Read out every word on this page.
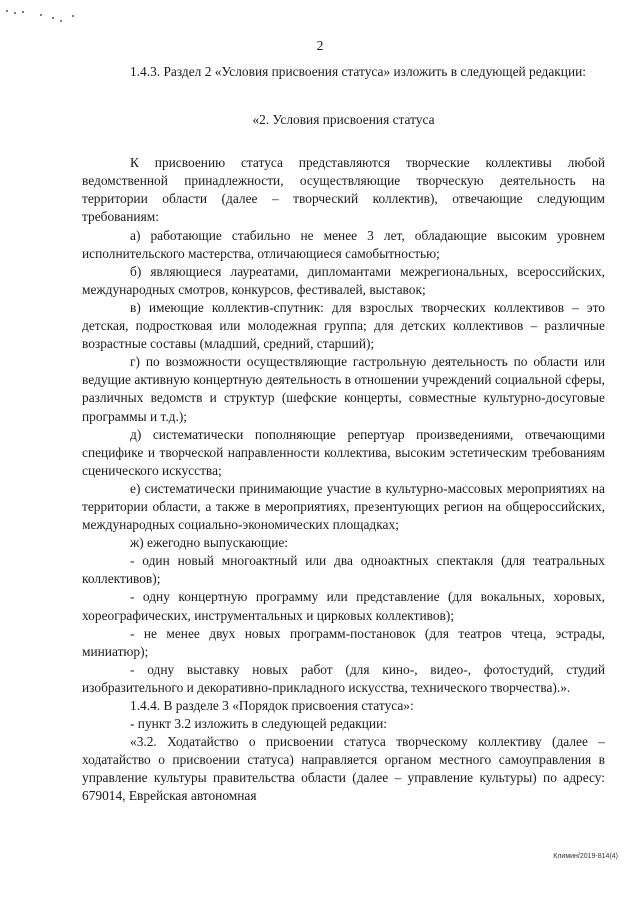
2

1.4.3. Раздел 2 «Условия присвоения статуса» изложить в следующей редакции:

«2. Условия присвоения статуса

К присвоению статуса представляются творческие коллективы любой ведомственной принадлежности, осуществляющие творческую деятельность на территории области (далее – творческий коллектив), отвечающие следующим требованиям:

а) работающие стабильно не менее 3 лет, обладающие высоким уровнем исполнительского мастерства, отличающиеся самобытностью;

б) являющиеся лауреатами, дипломантами межрегиональных, всероссийских, международных смотров, конкурсов, фестивалей, выставок;

в) имеющие коллектив-спутник: для взрослых творческих коллективов – это детская, подростковая или молодежная группа; для детских коллективов – различные возрастные составы (младший, средний, старший);

г) по возможности осуществляющие гастрольную деятельность по области или ведущие активную концертную деятельность в отношении учреждений социальной сферы, различных ведомств и структур (шефские концерты, совместные культурно-досуговые программы и т.д.);

д) систематически пополняющие репертуар произведениями, отвечающими специфике и творческой направленности коллектива, высоким эстетическим требованиям сценического искусства;

е) систематически принимающие участие в культурно-массовых мероприятиях на территории области, а также в мероприятиях, презентующих регион на общероссийских, международных социально-экономических площадках;

ж) ежегодно выпускающие:

- один новый многоактный или два одноактных спектакля (для театральных коллективов);

- одну концертную программу или представление (для вокальных, хоровых, хореографических, инструментальных и цирковых коллективов);

- не менее двух новых программ-постановок (для театров чтеца, эстрады, миниатюр);

- одну выставку новых работ (для кино-, видео-, фотостудий, студий изобразительного и декоративно-прикладного искусства, технического творчества).».

1.4.4. В разделе 3 «Порядок присвоения статуса»:

- пункт 3.2 изложить в следующей редакции:

«3.2. Ходатайство о присвоении статуса творческому коллективу (далее – ходатайство о присвоении статуса) направляется органом местного самоуправления в управление культуры правительства области (далее – управление культуры) по адресу: 679014, Еврейская автономная

Климин/2019-814(4)
